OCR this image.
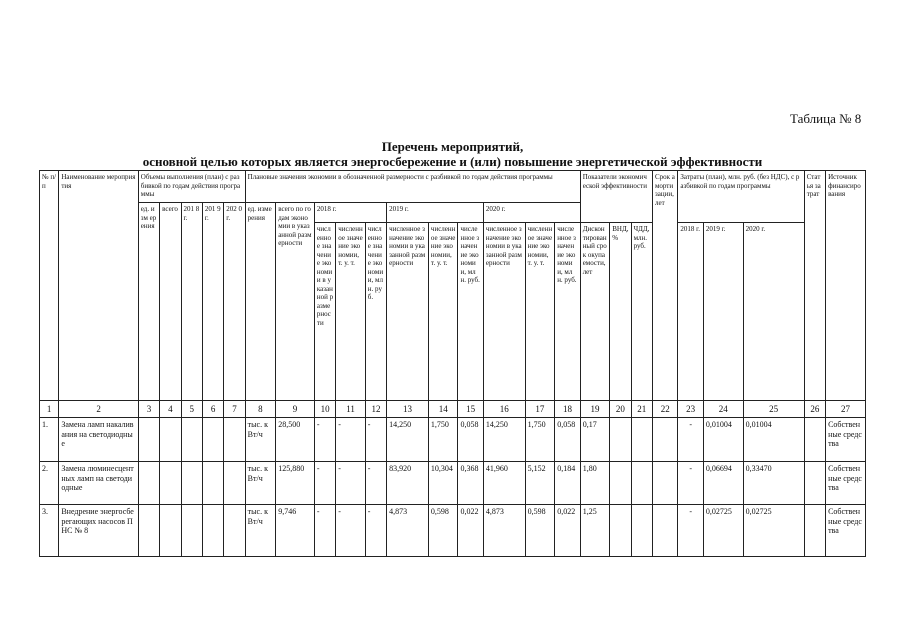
Таблица № 8
Перечень мероприятий,
основной целью которых является энергосбережение и (или) повышение энергетической эффективности
№ п/п	Наименование мероприятия	Объемы выполнения (план) с разбивкой по годам действия программы					Плановые значения экономии в обозначенной размерности с разбивкой по годам действия программы											Показатели экономической эффективности			Срок амортизации, лет	Затраты (план), млн. руб. (без НДС), с разбивкой по годам программы			Статья затрат	Источник финансирования
		ед. изм ерения	всего	201 8 г.	201 9 г.	202 0 г.	ед. измерения	всего по годам экономии в указанной размерности	2018 г.			2019 г.			2020 г.											
									численное значение экономии в указанной размерности	численное значение экономии, т. у. т.	численное значение экономии, млн. руб.	численное значение экономии в указанной размерности	численное значение экономии, т. у. т.	численное значение экономии, млн. руб.	численное значение экономии в указанной размерности	численное значение экономии, т. у. т.	численное значение экономии, млн. руб.	Дисконтированный срок окупаемости, лет	ВНД, %	ЧДД, млн. руб.		2018 г.	2019 г.	2020 г.		
1	2	3	4	5	6	7	8	9	10	11	12	13	14	15	16	17	18	19	20	21	22	23	24	25	26	27
1.	Замена ламп накаливания на светодиодные						тыс. кВт/ч	28,500	-	-	-	14,250	1,750	0,058	14,250	1,750	0,058	0,17				-	0,01004	0,01004		Собственные средства
2.	Замена люминесцентных ламп на светодиодные						тыс. кВт/ч	125,880	-	-	-	83,920	10,304	0,368	41,960	5,152	0,184	1,80				-	0,06694	0,33470		Собственные средства
3.	Внедрение энергосберегающих насосов ПНС № 8						тыс. кВт/ч	9,746	-	-	-	4,873	0,598	0,022	4,873	0,598	0,022	1,25				-	0,02725	0,02725		Собственные средства
